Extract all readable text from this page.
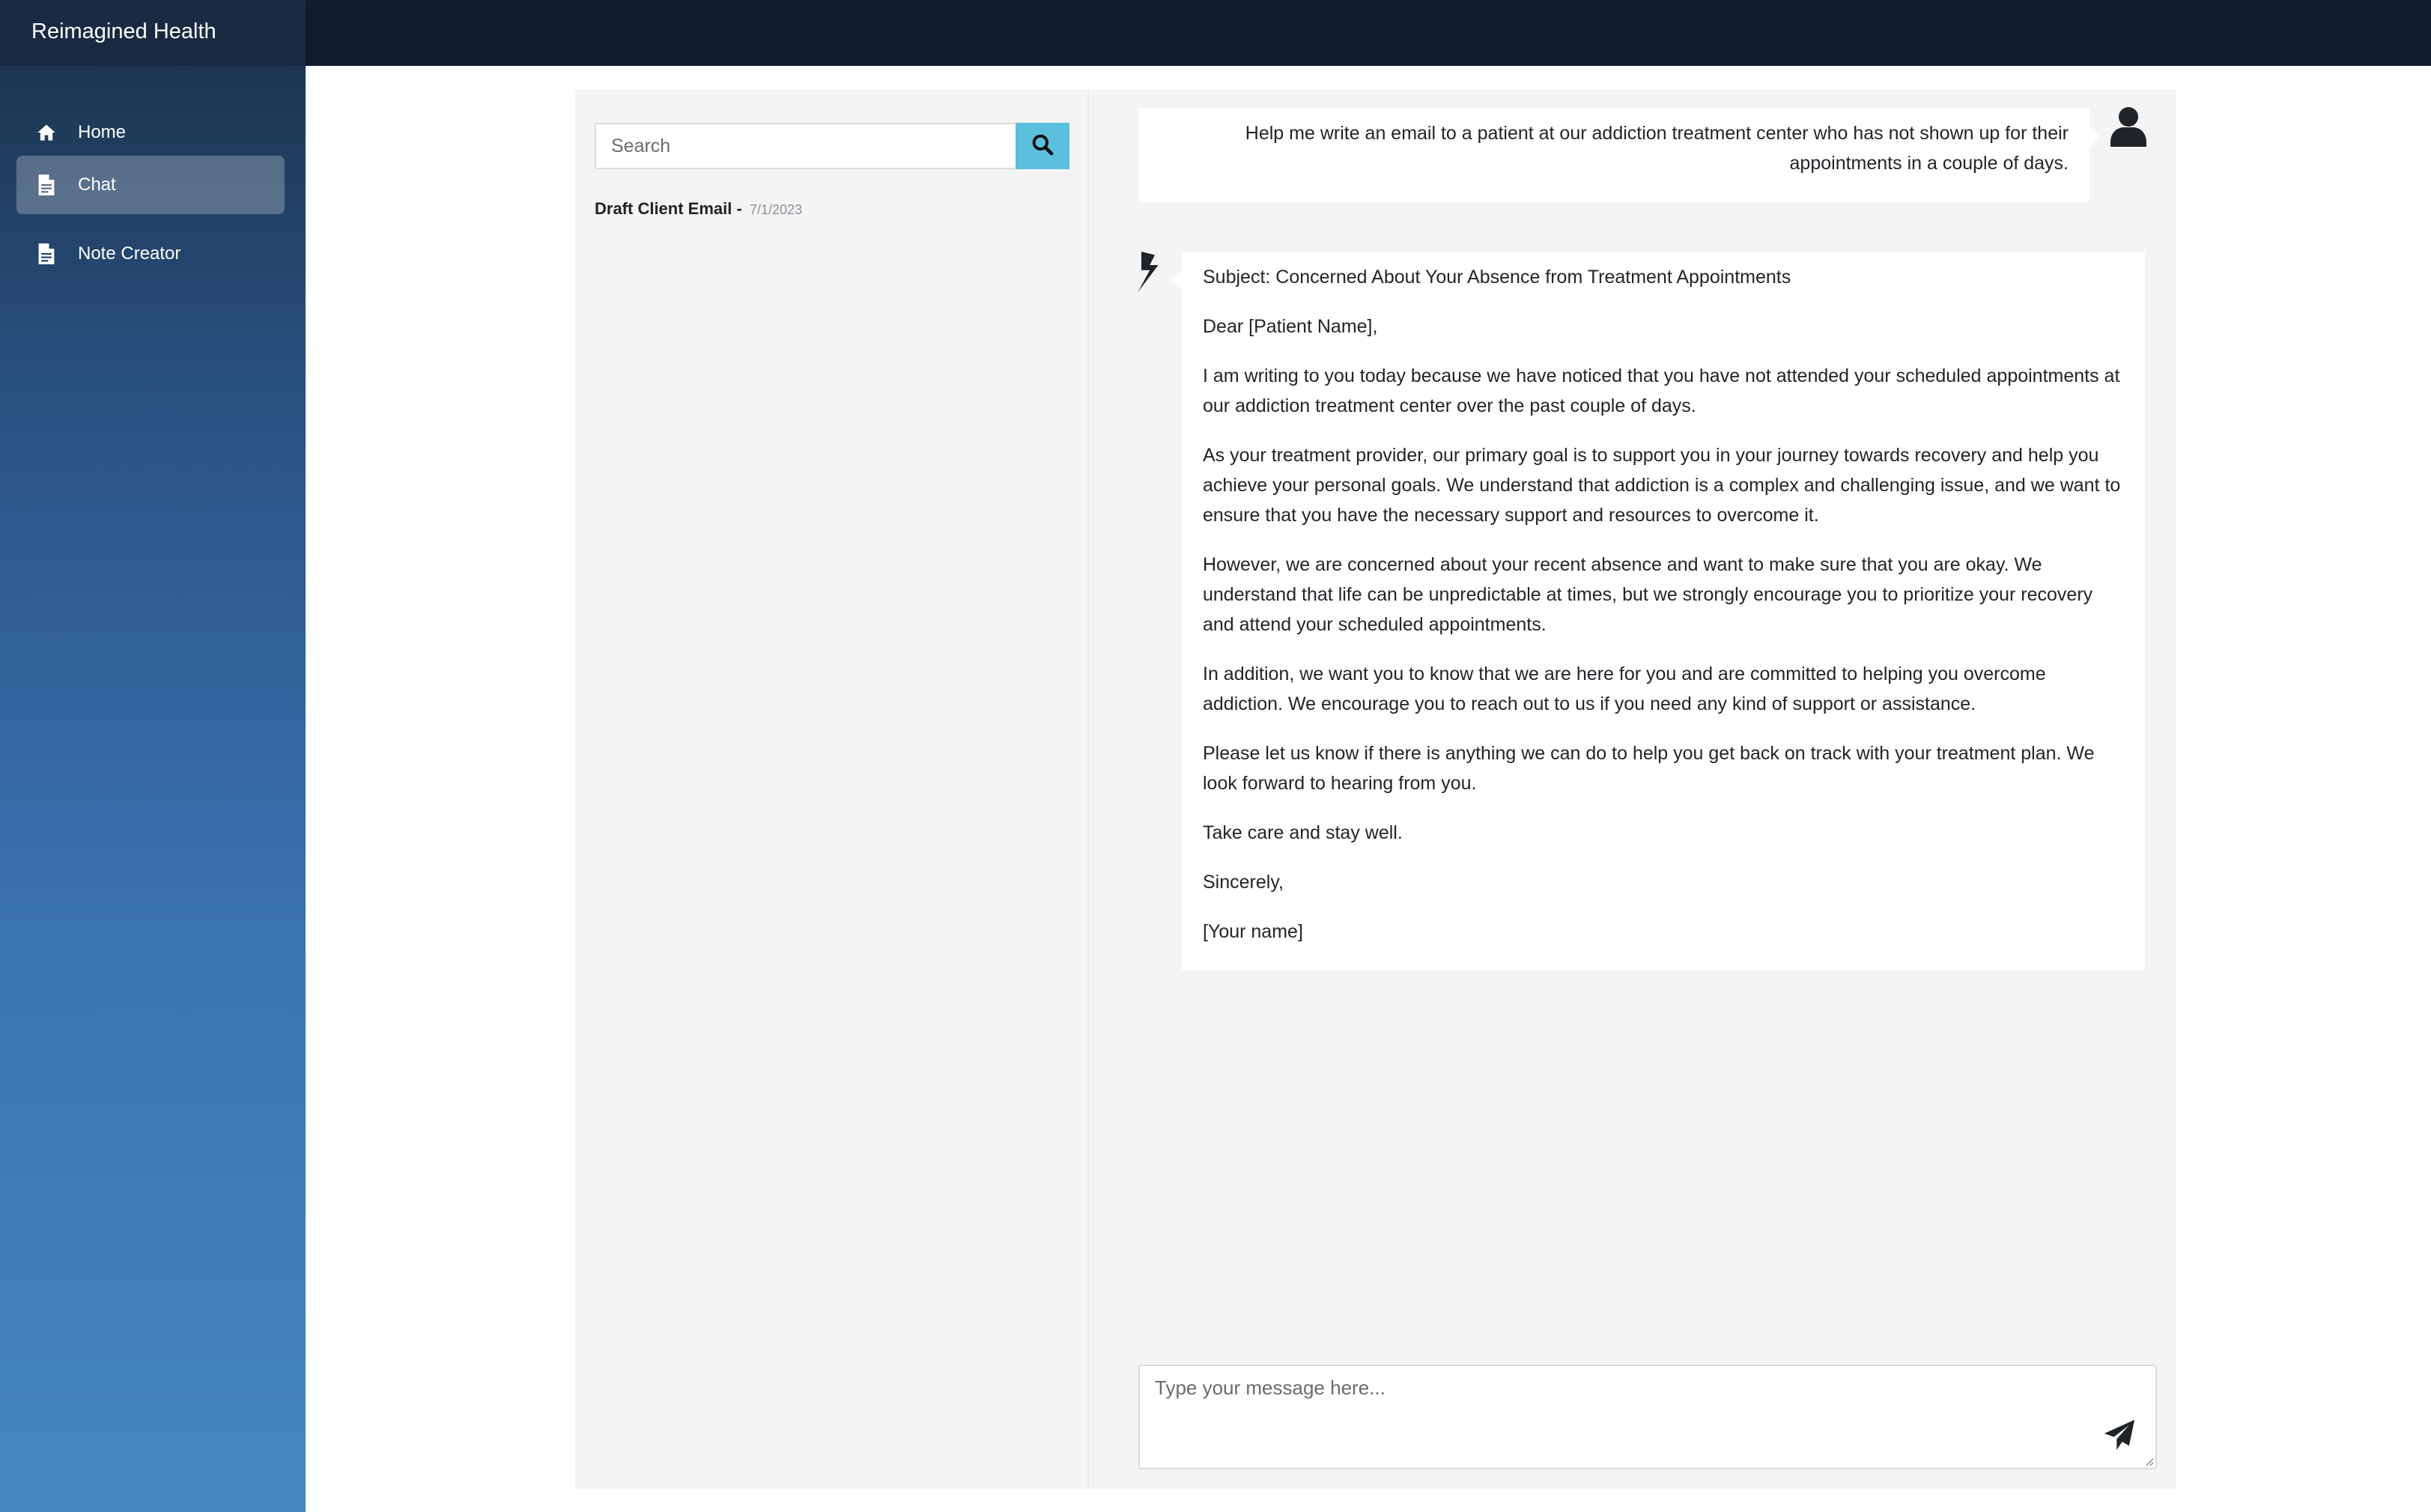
Reimagined Health
Home
Chat
Note Creator
Search
Draft Client Email - 7/1/2023
Help me write an email to a patient at our addiction treatment center who has not shown up for their appointments in a couple of days.

Subject: Concerned About Your Absence from Treatment Appointments

Dear [Patient Name],

I am writing to you today because we have noticed that you have not attended your scheduled appointments at our addiction treatment center over the past couple of days.

As your treatment provider, our primary goal is to support you in your journey towards recovery and help you achieve your personal goals. We understand that addiction is a complex and challenging issue, and we want to ensure that you have the necessary support and resources to overcome it.

However, we are concerned about your recent absence and want to make sure that you are okay. We understand that life can be unpredictable at times, but we strongly encourage you to prioritize your recovery and attend your scheduled appointments.

In addition, we want you to know that we are here for you and are committed to helping you overcome addiction. We encourage you to reach out to us if you need any kind of support or assistance.

Please let us know if there is anything we can do to help you get back on track with your treatment plan. We look forward to hearing from you.

Take care and stay well.

Sincerely,

[Your name]

Type your message here...
